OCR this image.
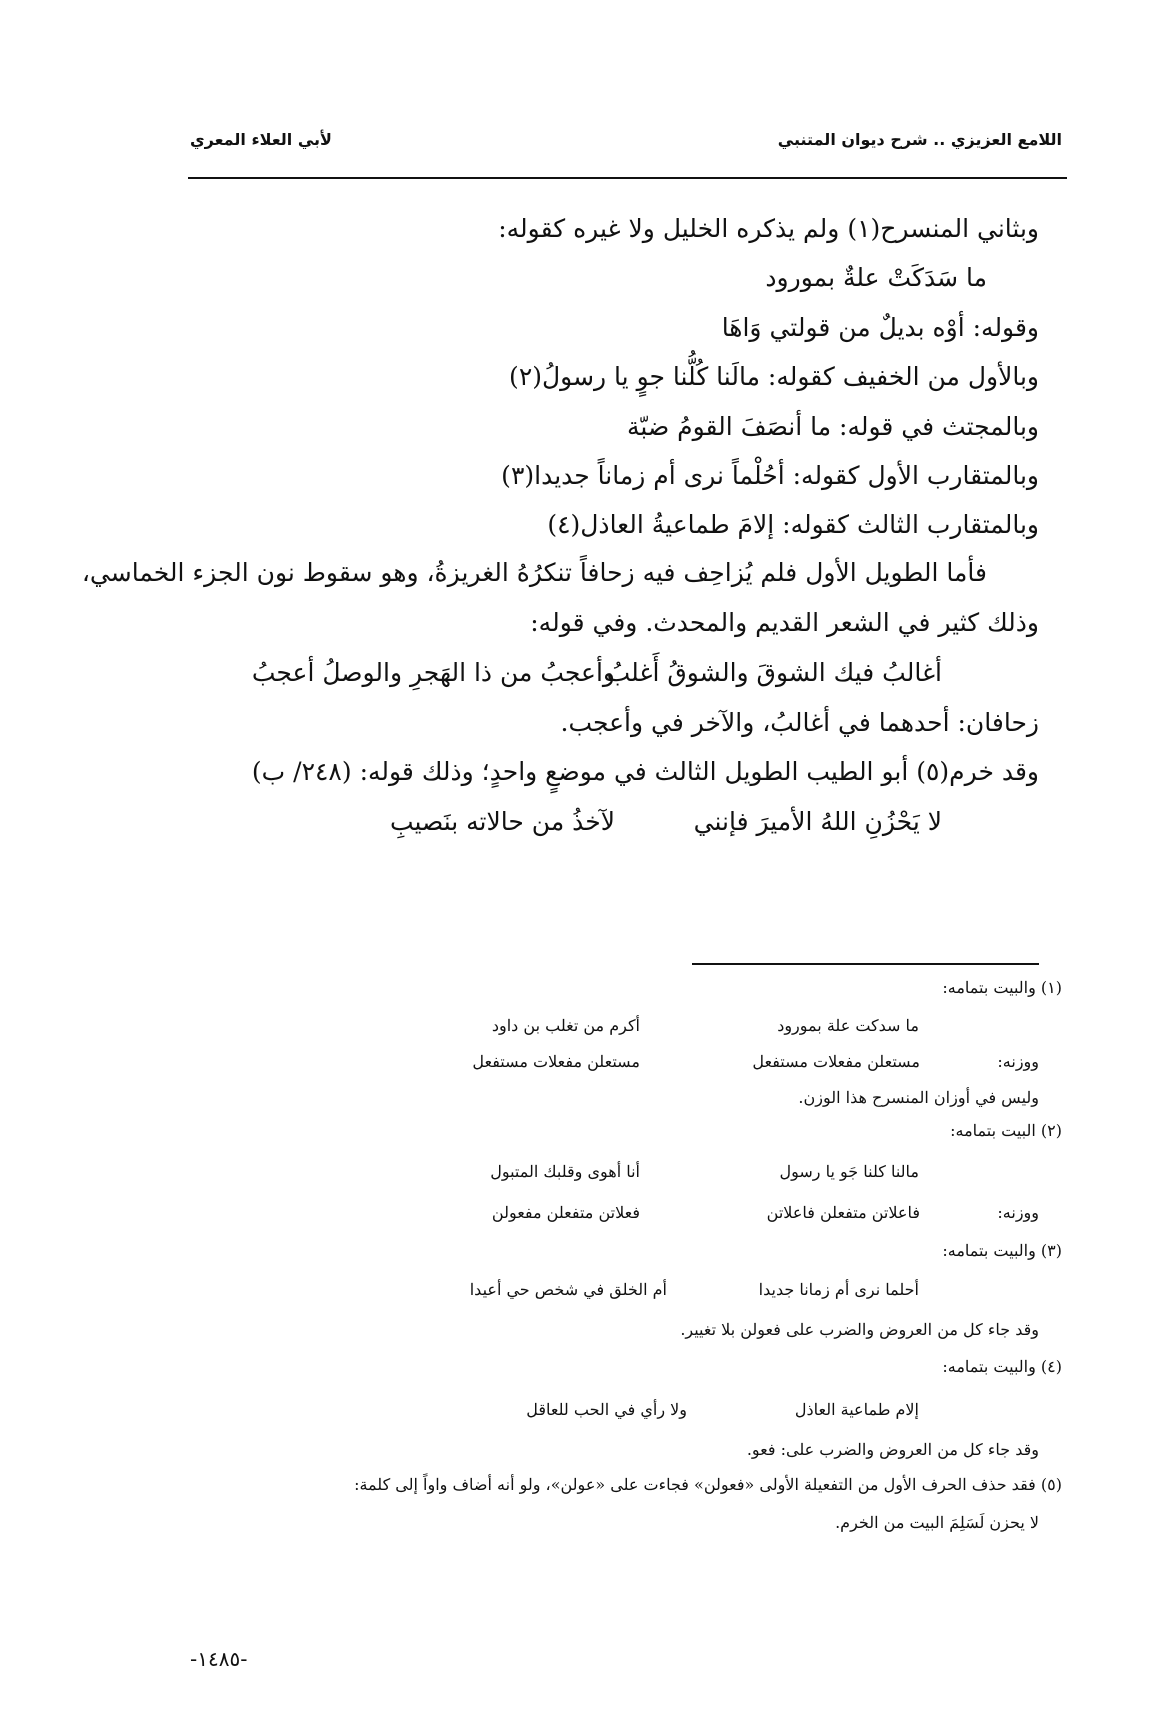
اللامع العزيزي .. شرح ديوان المتنبي
لأبي العلاء المعري
وبثاني المنسرح(١) ولم يذكره الخليل ولا غيره كقوله:
ما سَدَكَتْ علةٌ بمورود
وقوله: أوْه بديلٌ من قولتي وَاهَا
وبالأول من الخفيف كقوله: مالَنا كُلُّنا جوٍ يا رسولُ(٢)
وبالمجتث في قوله: ما أنصَفَ القومُ ضبّة
وبالمتقارب الأول كقوله: أحُلْماً نرى أم زماناً جديدا(٣)
وبالمتقارب الثالث كقوله: إلامَ طماعيةُ العاذل(٤)
فأما الطويل الأول فلم يُزاحِف فيه زحافاً تنكرُهُ الغريزةُ، وهو سقوط نون الجزء الخماسي،
وذلك كثير في الشعر القديم والمحدث. وفي قوله:
أغالبُ فيك الشوقَ والشوقُ أَغلبُ
وأعجبُ من ذا الهَجرِ والوصلُ أعجبُ
زحافان: أحدهما في أغالبُ، والآخر في وأعجب.
وقد خرم(٥) أبو الطيب الطويل الثالث في موضعٍ واحدٍ؛ وذلك قوله: (٢٤٨/ ب)
لا يَحْزُنِ اللهُ الأميرَ فإنني
لآخذُ من حالاته بنَصيبِ
(١) والبيت بتمامه:
ما سدكت علة بمورود
أكرم من تغلب بن داود
ووزنه:
مستعلن مفعلات مستفعل
مستعلن مفعلات مستفعل
وليس في أوزان المنسرح هذا الوزن.
(٢) البيت بتمامه:
مالنا كلنا جَو يا رسول
أنا أهوى وقلبك المتبول
ووزنه:
فاعلاتن متفعلن فاعلاتن
فعلاتن متفعلن مفعولن
(٣) والبيت بتمامه:
أحلما نرى أم زمانا جديدا
أم الخلق في شخص حي أعيدا
وقد جاء كل من العروض والضرب على فعولن بلا تغيير.
(٤) والبيت بتمامه:
إلام طماعية العاذل
ولا رأي في الحب للعاقل
وقد جاء كل من العروض والضرب على: فعو.
(٥) فقد حذف الحرف الأول من التفعيلة الأولى «فعولن» فجاءت على «عولن»، ولو أنه أضاف واواً إلى كلمة:
لا يحزن لَسَلِمَ البيت من الخرم.
-١٤٨٥-
